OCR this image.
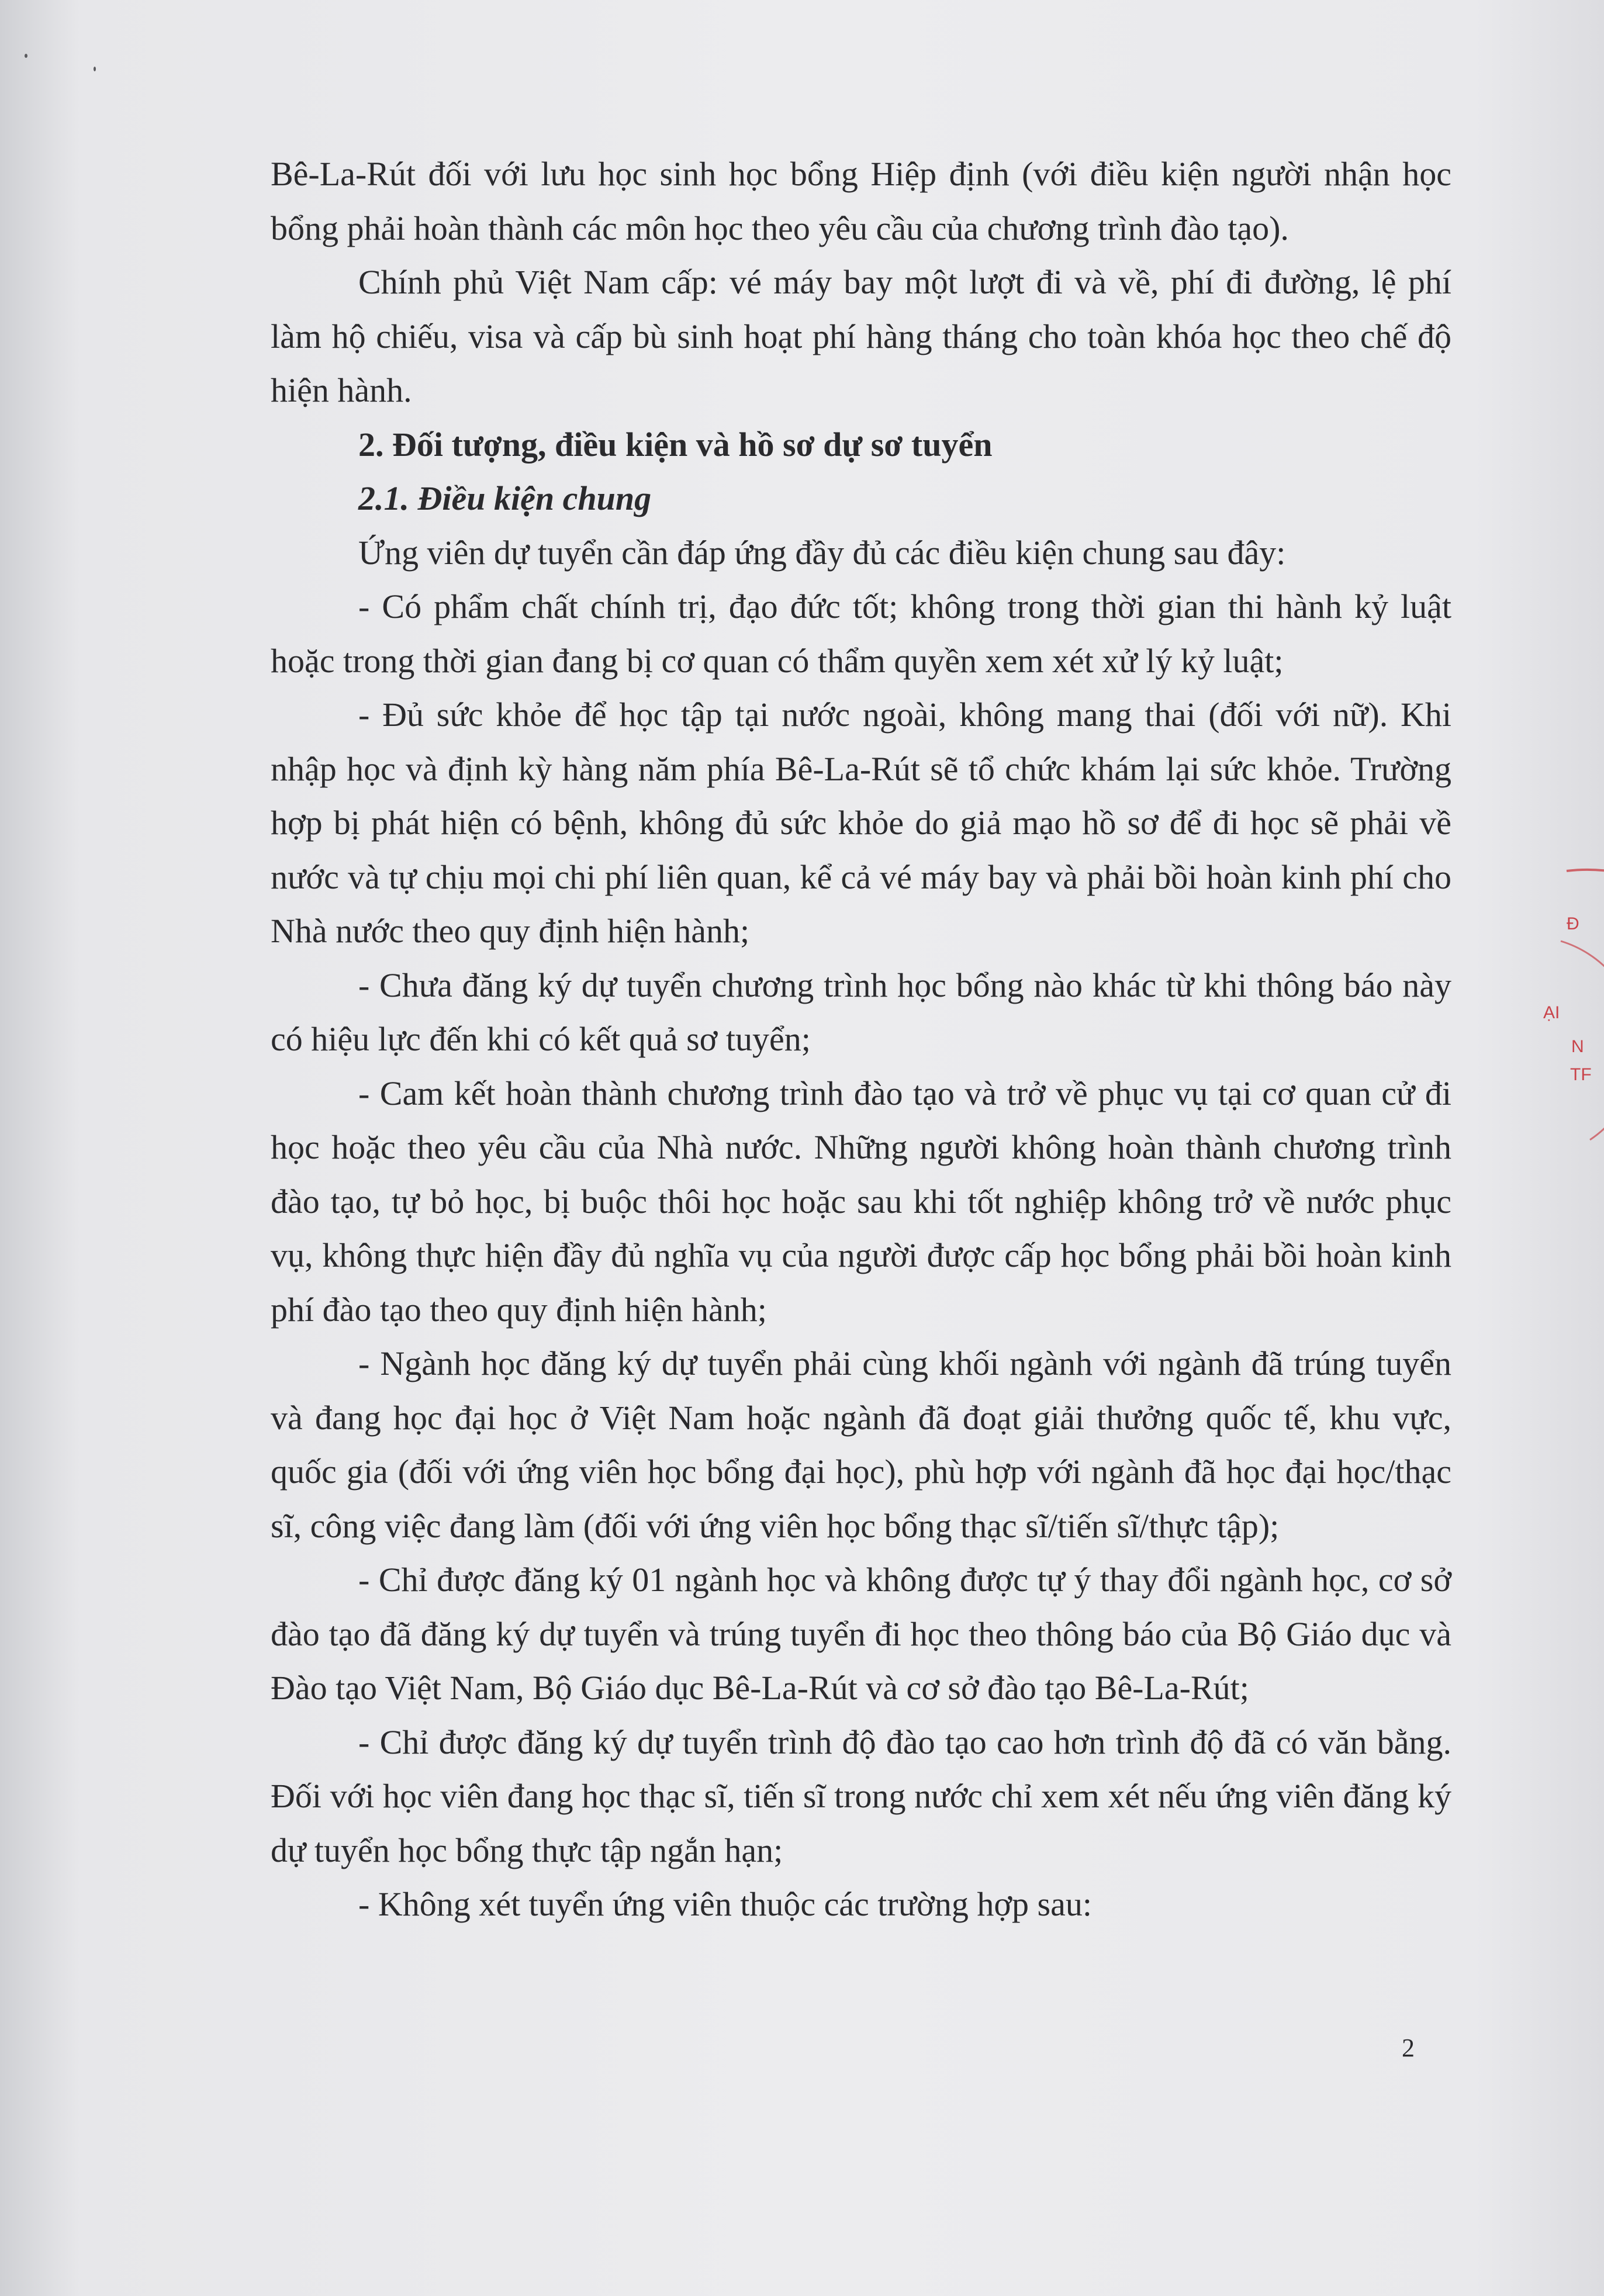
Bê-La-Rút đối với lưu học sinh học bổng Hiệp định (với điều kiện người nhận học bổng phải hoàn thành các môn học theo yêu cầu của chương trình đào tạo).

Chính phủ Việt Nam cấp: vé máy bay một lượt đi và về, phí đi đường, lệ phí làm hộ chiếu, visa và cấp bù sinh hoạt phí hàng tháng cho toàn khóa học theo chế độ hiện hành.

2. Đối tượng, điều kiện và hồ sơ dự sơ tuyển

2.1. Điều kiện chung

Ứng viên dự tuyển cần đáp ứng đầy đủ các điều kiện chung sau đây:

- Có phẩm chất chính trị, đạo đức tốt; không trong thời gian thi hành kỷ luật hoặc trong thời gian đang bị cơ quan có thẩm quyền xem xét xử lý kỷ luật;

- Đủ sức khỏe để học tập tại nước ngoài, không mang thai (đối với nữ). Khi nhập học và định kỳ hàng năm phía Bê-La-Rút sẽ tổ chức khám lại sức khỏe. Trường hợp bị phát hiện có bệnh, không đủ sức khỏe do giả mạo hồ sơ để đi học sẽ phải về nước và tự chịu mọi chi phí liên quan, kể cả vé máy bay và phải bồi hoàn kinh phí cho Nhà nước theo quy định hiện hành;

- Chưa đăng ký dự tuyển chương trình học bổng nào khác từ khi thông báo này có hiệu lực đến khi có kết quả sơ tuyển;

- Cam kết hoàn thành chương trình đào tạo và trở về phục vụ tại cơ quan cử đi học hoặc theo yêu cầu của Nhà nước. Những người không hoàn thành chương trình đào tạo, tự bỏ học, bị buộc thôi học hoặc sau khi tốt nghiệp không trở về nước phục vụ, không thực hiện đầy đủ nghĩa vụ của người được cấp học bổng phải bồi hoàn kinh phí đào tạo theo quy định hiện hành;

- Ngành học đăng ký dự tuyển phải cùng khối ngành với ngành đã trúng tuyển và đang học đại học ở Việt Nam hoặc ngành đã đoạt giải thưởng quốc tế, khu vực, quốc gia (đối với ứng viên học bổng đại học), phù hợp với ngành đã học đại học/thạc sĩ, công việc đang làm (đối với ứng viên học bổng thạc sĩ/tiến sĩ/thực tập);

- Chỉ được đăng ký 01 ngành học và không được tự ý thay đổi ngành học, cơ sở đào tạo đã đăng ký dự tuyển và trúng tuyển đi học theo thông báo của Bộ Giáo dục và Đào tạo Việt Nam, Bộ Giáo dục Bê-La-Rút và cơ sở đào tạo Bê-La-Rút;

- Chỉ được đăng ký dự tuyển trình độ đào tạo cao hơn trình độ đã có văn bằng. Đối với học viên đang học thạc sĩ, tiến sĩ trong nước chỉ xem xét nếu ứng viên đăng ký dự tuyển học bổng thực tập ngắn hạn;

- Không xét tuyển ứng viên thuộc các trường hợp sau:

2
Đ
ẠI
N
TF
